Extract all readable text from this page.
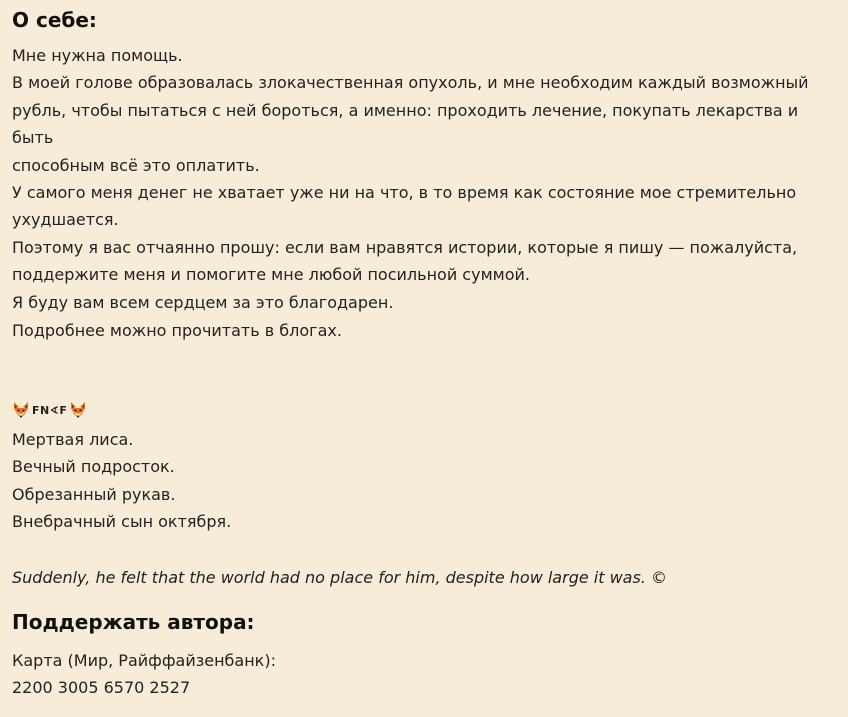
О себе:
Мне нужна помощь.
В моей голове образовалась злокачественная опухоль, и мне необходим каждый возможный
рубль, чтобы пытаться с ней бороться, а именно: проходить лечение, покупать лекарства и быть
способным всё это оплатить.
У самого меня денег не хватает уже ни на что, в то время как состояние мое стремительно
ухудшается.
Поэтому я вас отчаянно прошу: если вам нравятся истории, которые я пишу — пожалуйста,
поддержите меня и помогите мне любой посильной суммой.
Я буду вам всем сердцем за это благодарен.
Подробнее можно прочитать в блогах.
FN∢F
Мертвая лиса.
Вечный подросток.
Обрезанный рукав.
Внебрачный сын октября.
Suddenly, he felt that the world had no place for him, despite how large it was. ©
Поддержать автора:
Карта (Мир, Райффайзенбанк):
2200 3005 6570 2527
